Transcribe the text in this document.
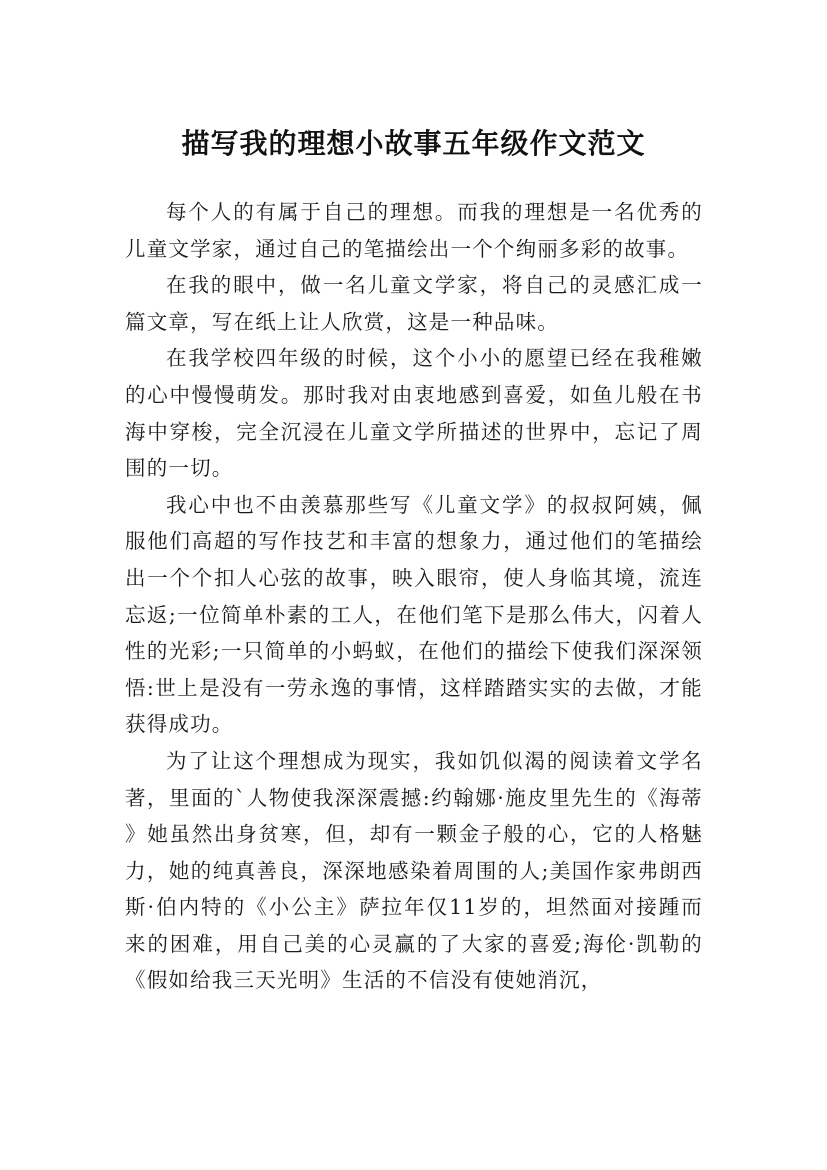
描写我的理想小故事五年级作文范文

每个人的有属于自己的理想。而我的理想是一名优秀的儿童文学家，通过自己的笔描绘出一个个绚丽多彩的故事。

在我的眼中，做一名儿童文学家，将自己的灵感汇成一篇文章，写在纸上让人欣赏，这是一种品味。

在我学校四年级的时候，这个小小的愿望已经在我稚嫩的心中慢慢萌发。那时我对由衷地感到喜爱，如鱼儿般在书海中穿梭，完全沉浸在儿童文学所描述的世界中，忘记了周围的一切。

我心中也不由羡慕那些写《儿童文学》的叔叔阿姨，佩服他们高超的写作技艺和丰富的想象力，通过他们的笔描绘出一个个扣人心弦的故事，映入眼帘，使人身临其境，流连忘返;一位简单朴素的工人，在他们笔下是那么伟大，闪着人性的光彩;一只简单的小蚂蚁，在他们的描绘下使我们深深领悟:世上是没有一劳永逸的事情，这样踏踏实实的去做，才能获得成功。

为了让这个理想成为现实，我如饥似渴的阅读着文学名著，里面的`人物使我深深震撼:约翰娜·施皮里先生的《海蒂》她虽然出身贫寒，但，却有一颗金子般的心，它的人格魅力，她的纯真善良，深深地感染着周围的人;美国作家弗朗西斯·伯内特的《小公主》萨拉年仅11岁的，坦然面对接踵而来的困难，用自己美的心灵赢的了大家的喜爱;海伦·凯勒的《假如给我三天光明》生活的不信没有使她消沉，
